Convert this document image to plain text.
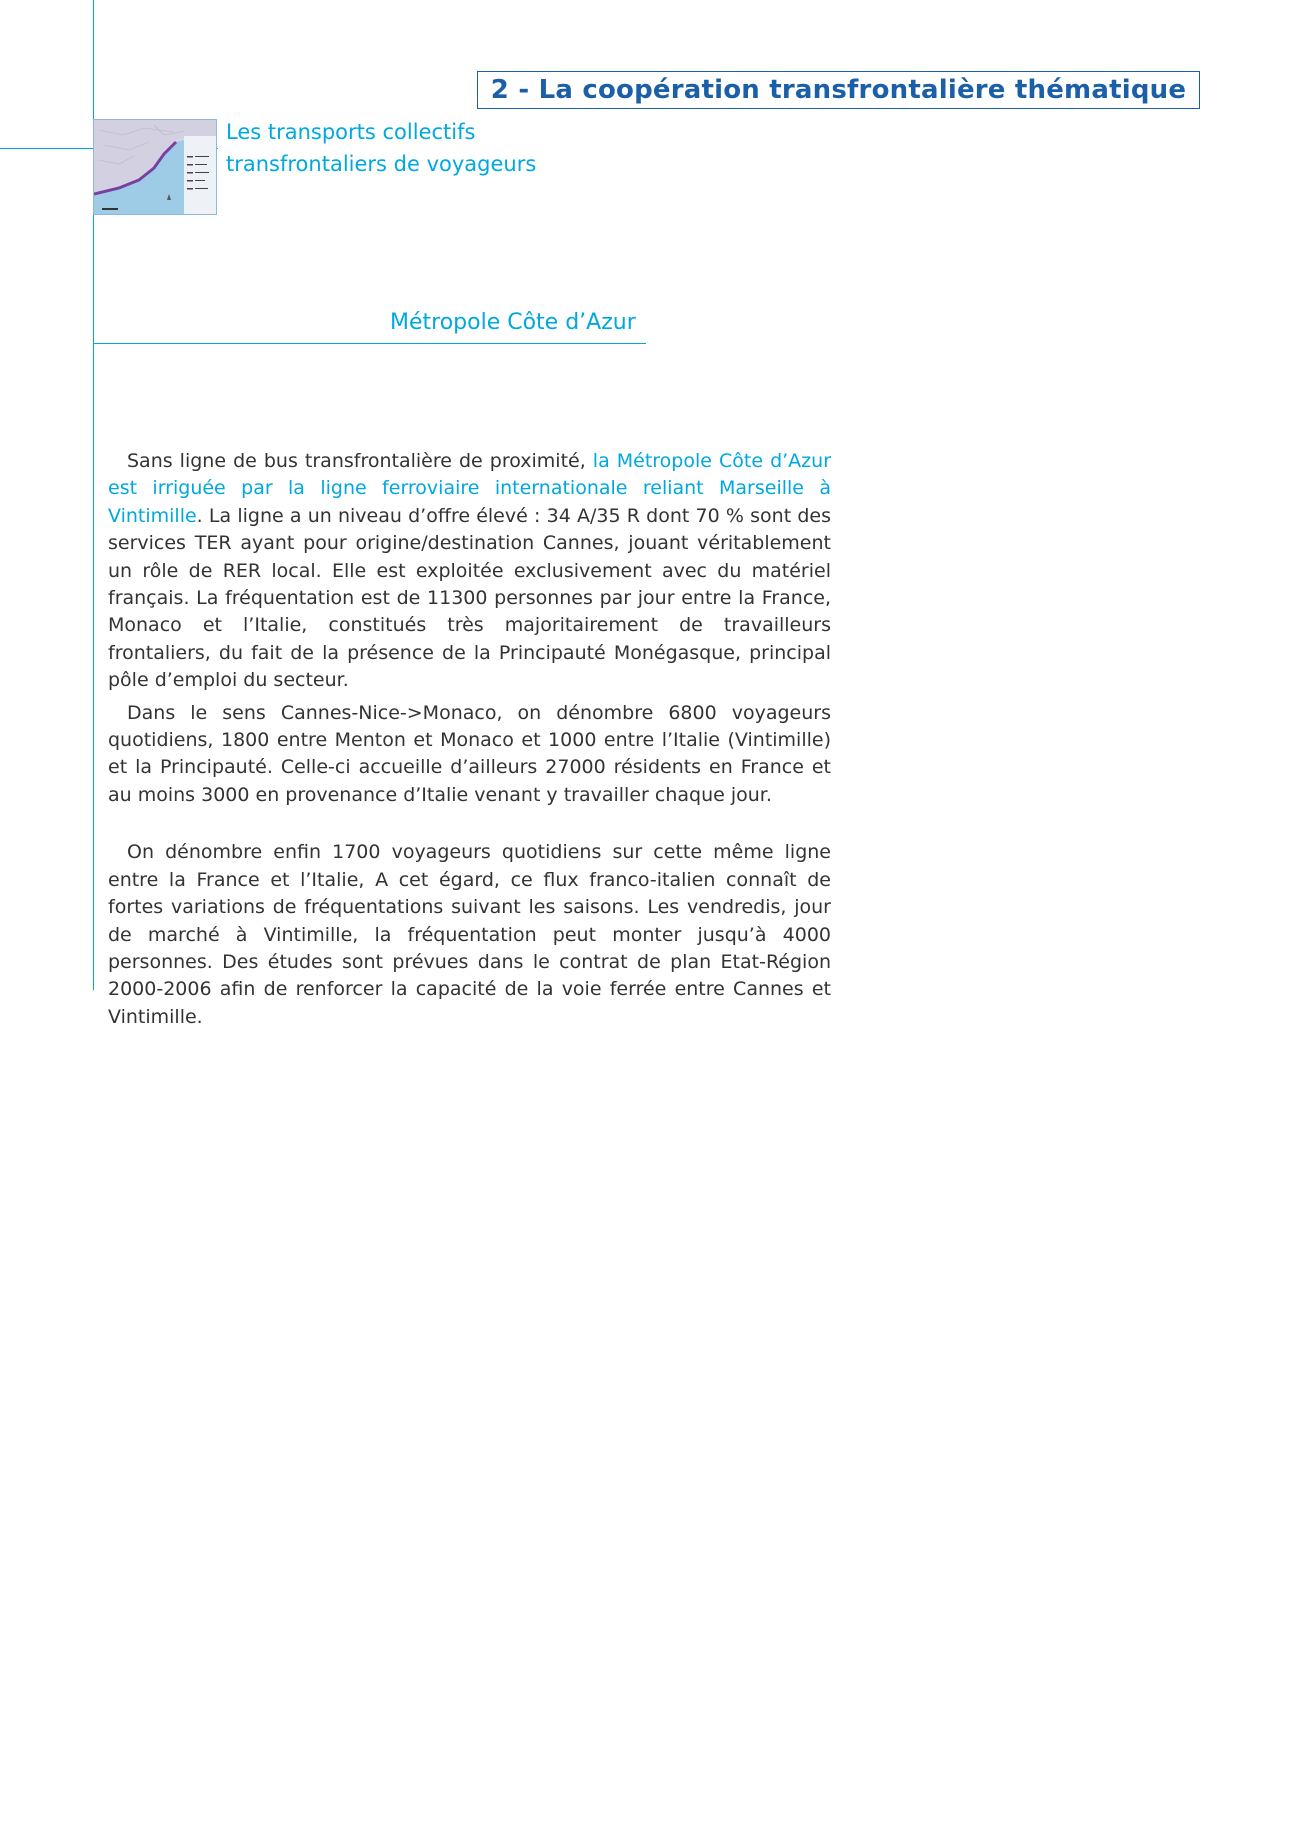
2 - La coopération transfrontalière thématique
Les transports collectifs
transfrontaliers de voyageurs
Métropole Côte d’Azur

Sans ligne de bus transfrontalière de proximité, la Métropole Côte d’Azur est irriguée par la ligne ferroviaire internationale reliant Marseille à Vintimille. La ligne a un niveau d’offre élevé : 34 A/35 R dont 70 % sont des services TER ayant pour origine/destination Cannes, jouant véritablement un rôle de RER local. Elle est exploitée exclusivement avec du matériel français. La fréquentation est de 11300 personnes par jour entre la France, Monaco et l’Italie, constitués très majoritairement de travailleurs frontaliers, du fait de la présence de la Principauté Monégasque, principal pôle d’emploi du secteur.

Dans le sens Cannes-Nice->Monaco, on dénombre 6800 voyageurs quotidiens, 1800 entre Menton et Monaco et 1000 entre l’Italie (Vintimille) et la Principauté. Celle-ci accueille d’ailleurs 27000 résidents en France et au moins 3000 en provenance d’Italie venant y travailler chaque jour.

On dénombre enfin 1700 voyageurs quotidiens sur cette même ligne entre la France et l’Italie, A cet égard, ce flux franco-italien connaît de fortes variations de fréquentations suivant les saisons. Les vendredis, jour de marché à Vintimille, la fréquentation peut monter jusqu’à 4000 personnes. Des études sont prévues dans le contrat de plan Etat-Région 2000-2006 afin de renforcer la capacité de la voie ferrée entre Cannes et Vintimille.
